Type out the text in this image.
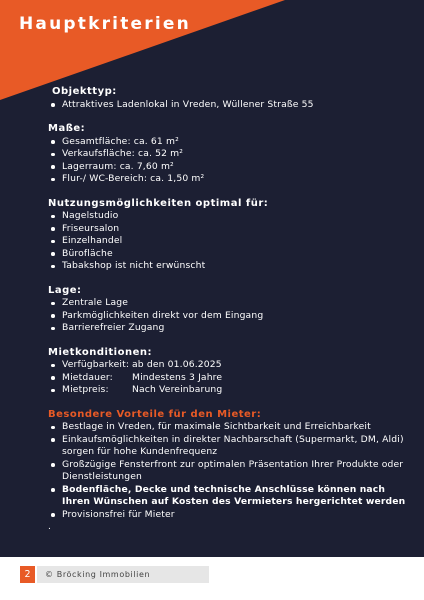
Hauptkriterien

Objekttyp:

Attraktives Ladenlokal in Vreden, Wüllener Straße 55

Maße:

Gesamtfläche: ca. 61 m²
Verkaufsfläche: ca. 52 m²
Lagerraum: ca. 7,60 m²
Flur-/ WC-Bereich: ca. 1,50 m²

Nutzungsmöglichkeiten optimal für:

Nagelstudio
Friseursalon
Einzelhandel
Bürofläche
Tabakshop ist nicht erwünscht

Lage:

Zentrale Lage
Parkmöglichkeiten direkt vor dem Eingang
Barrierefreier Zugang

Mietkonditionen:

Verfügbarkeit: ab den 01.06.2025
Mietdauer: Mindestens 3 Jahre
Mietpreis:	Nach Vereinbarung

Besondere Vorteile für den Mieter:

Bestlage in Vreden, für maximale Sichtbarkeit und Erreichbarkeit
Einkaufsmöglichkeiten in direkter Nachbarschaft (Supermarkt, DM, Aldi) sorgen für hohe Kundenfrequenz
Großzügige Fensterfront zur optimalen Präsentation Ihrer Produkte oder Dienstleistungen
Bodenfläche, Decke und technische Anschlüsse können nach Ihren Wünschen auf Kosten des Vermieters hergerichtet werden
Provisionsfrei für Mieter
.
2	© Bröcking Immobilien
